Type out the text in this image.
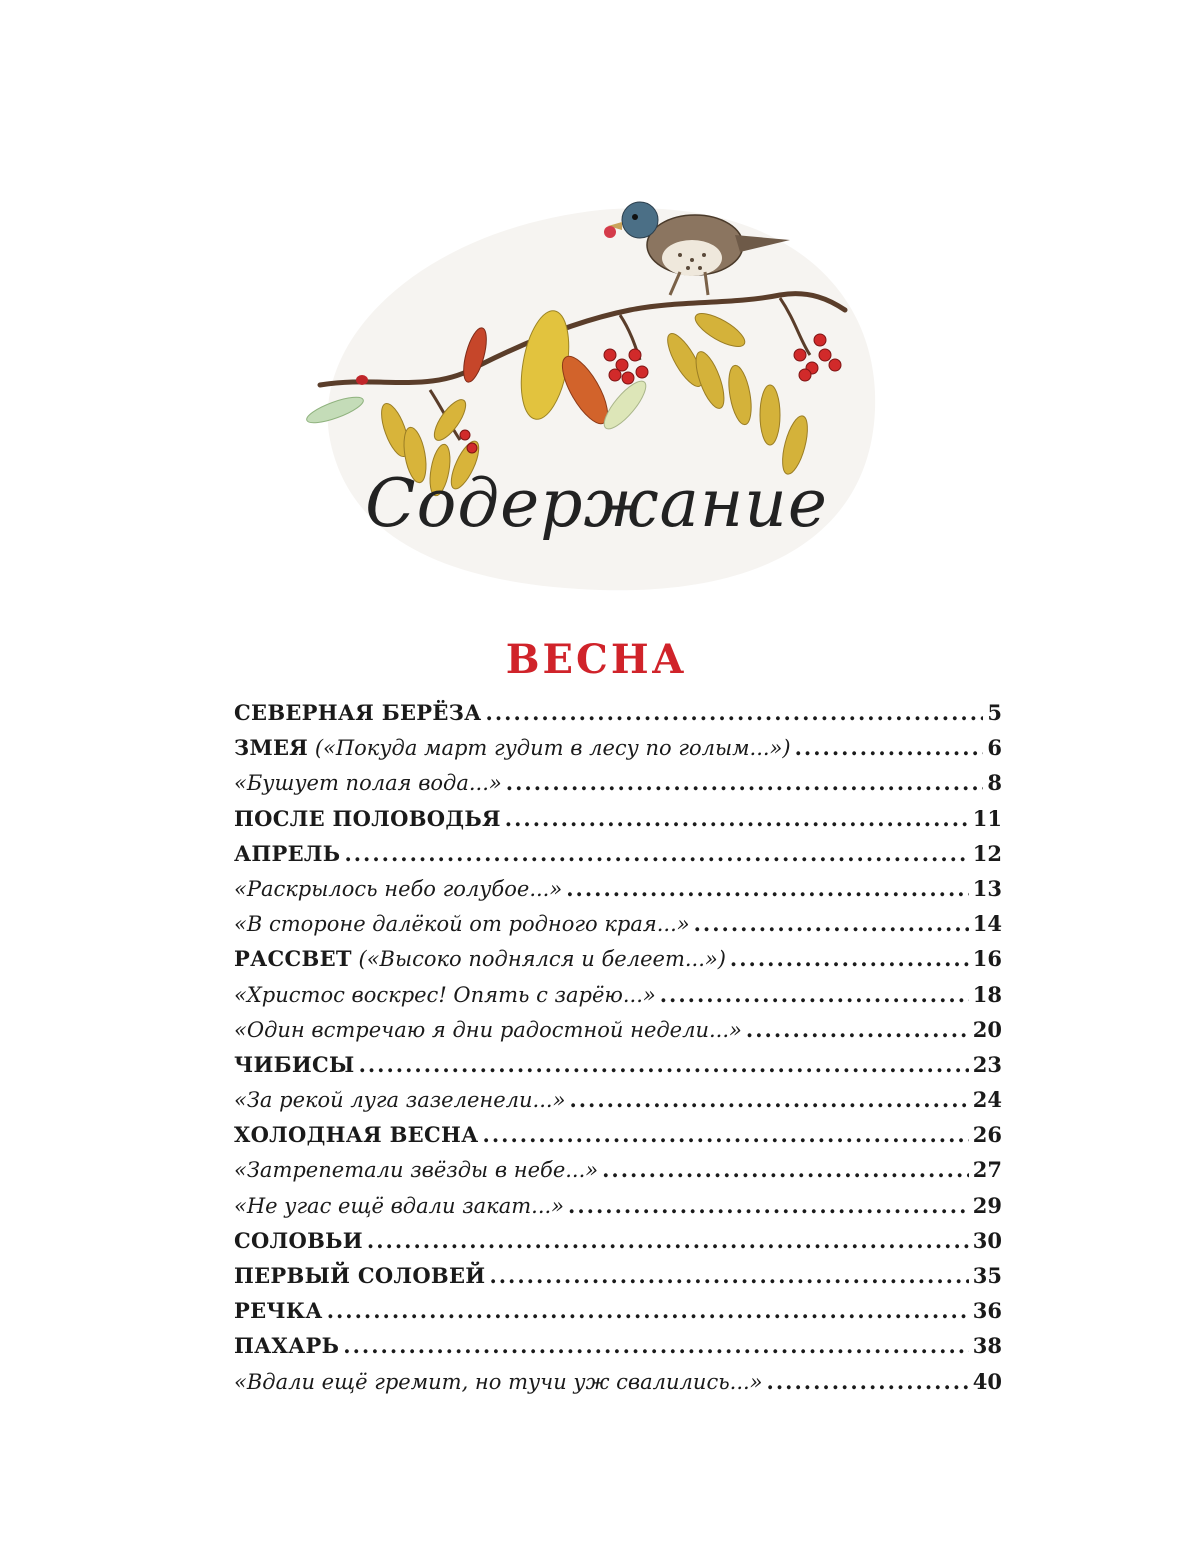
Содержание
ВЕСНА
СЕВЕРНАЯ БЕРЁЗА .....	5
ЗМЕЯ («Покуда март гудит в лесу по голым...») .....	6
«Бушует полая вода...» .....	8
ПОСЛЕ ПОЛОВОДЬЯ .....	11
АПРЕЛЬ .....	12
«Раскрылось небо голубое...» .....	13
«В стороне далёкой от родного края...» .....	14
РАССВЕТ («Высоко поднялся и белеет...») .....	16
«Христос воскрес! Опять с зарёю...» .....	18
«Один встречаю я дни радостной недели...» .....	20
ЧИБИСЫ .....	23
«За рекой луга зазеленели...» .....	24
ХОЛОДНАЯ ВЕСНА .....	26
«Затрепетали звёзды в небе...» .....	27
«Не угас ещё вдали закат...» .....	29
СОЛОВЬИ .....	30
ПЕРВЫЙ СОЛОВЕЙ .....	35
РЕЧКА .....	36
ПАХАРЬ .....	38
«Вдали ещё гремит, но тучи уж свалились...» .....	40
